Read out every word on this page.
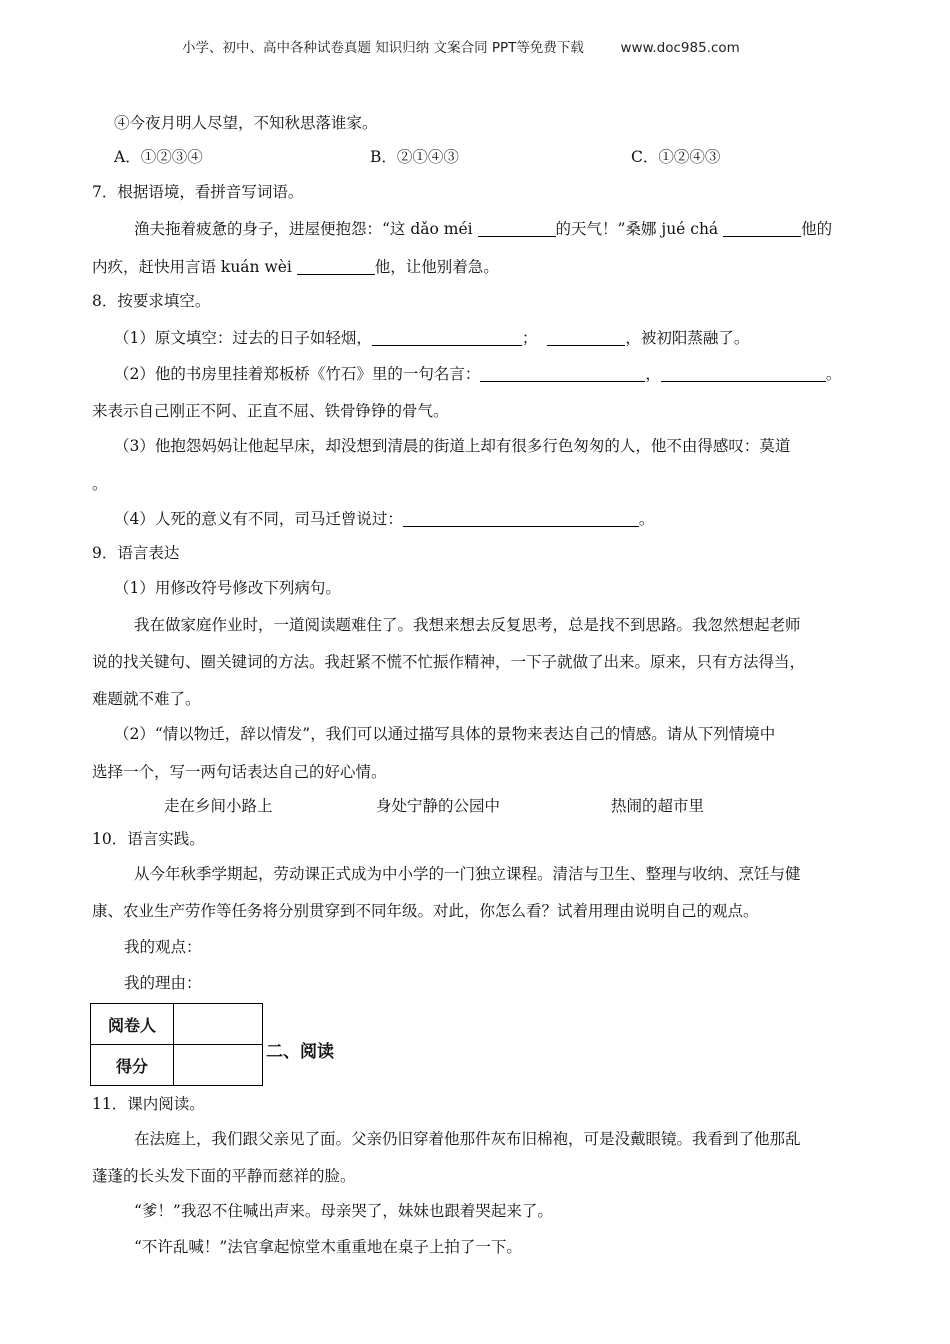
小学、初中、高中各种试卷真题 知识归纳 文案合同 PPT等免费下载	www.doc985.com
④今夜月明人尽望，不知秋思落谁家。
A．①②③④	B．②①④③	C．①②④③
7．根据语境，看拼音写词语。
渔夫拖着疲惫的身子，进屋便抱怨：“这 dǎo méi	的天气！”桑娜 jué chá	他的
内疚，赶快用言语 kuán wèi	他，让他别着急。
8．按要求填空。
（1）原文填空：过去的日子如轻烟，	；	，被初阳蒸融了。
（2）他的书房里挂着郑板桥《竹石》里的一句名言：	，	。
来表示自己刚正不阿、正直不屈、铁骨铮铮的骨气。
（3）他抱怨妈妈让他起早床，却没想到清晨的街道上却有很多行色匆匆的人，他不由得感叹：莫道
。
（4）人死的意义有不同，司马迁曾说过：	。
9．语言表达
（1）用修改符号修改下列病句。
我在做家庭作业时，一道阅读题难住了。我想来想去反复思考，总是找不到思路。我忽然想起老师
说的找关键句、圈关键词的方法。我赶紧不慌不忙振作精神，一下子就做了出来。原来，只有方法得当，
难题就不难了。
（2）“情以物迁，辞以情发”，我们可以通过描写具体的景物来表达自己的情感。请从下列情境中
选择一个，写一两句话表达自己的好心情。
走在乡间小路上	身处宁静的公园中	热闹的超市里
10．语言实践。
从今年秋季学期起，劳动课正式成为中小学的一门独立课程。清洁与卫生、整理与收纳、烹饪与健
康、农业生产劳作等任务将分别贯穿到不同年级。对此，你怎么看？试着用理由说明自己的观点。
我的观点：
我的理由：
阅卷人	
得分	
二、阅读
11．课内阅读。
在法庭上，我们跟父亲见了面。父亲仍旧穿着他那件灰布旧棉袍，可是没戴眼镜。我看到了他那乱
蓬蓬的长头发下面的平静而慈祥的脸。
“爹！”我忍不住喊出声来。母亲哭了，妹妹也跟着哭起来了。
“不许乱喊！”法官拿起惊堂木重重地在桌子上拍了一下。
